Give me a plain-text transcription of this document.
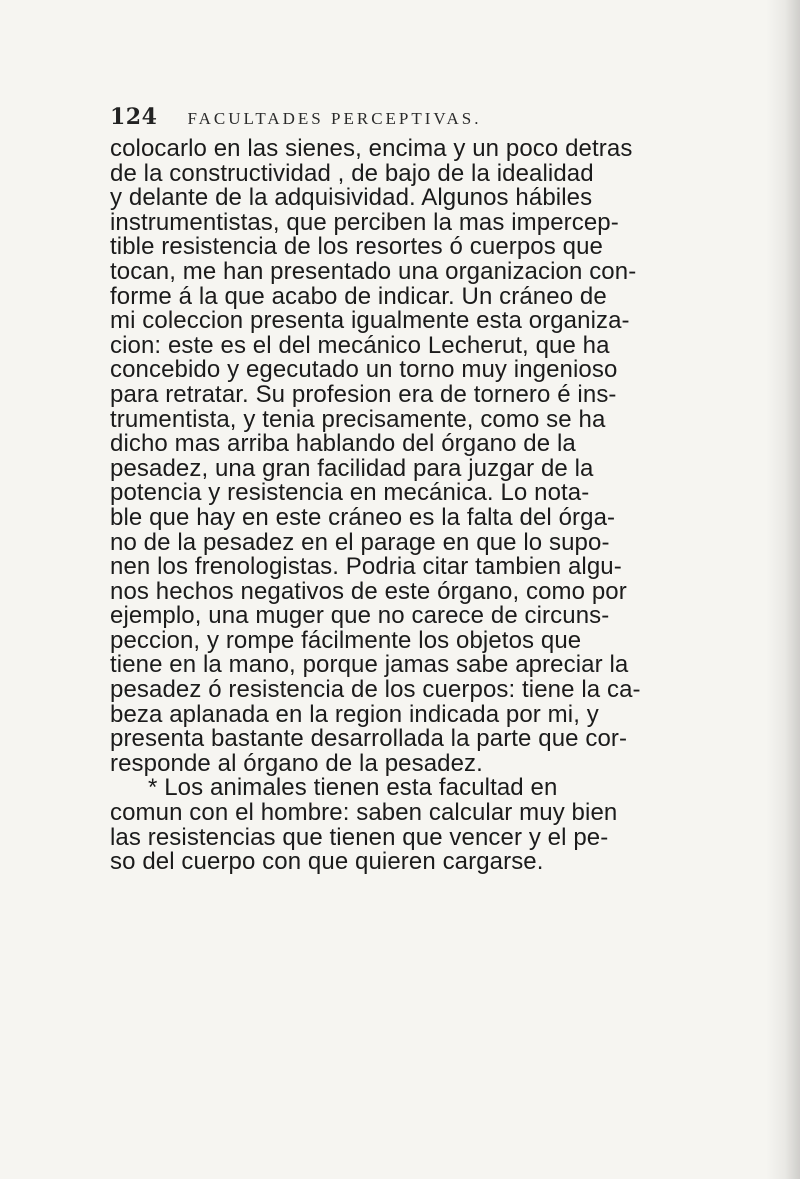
124 FACULTADES PERCEPTIVAS.
colocarlo en las sienes, encima y un poco detras
de la constructividad , de bajo de la idealidad
y delante de la adquisividad. Algunos hábiles
instrumentistas, que perciben la mas impercep-
tible resistencia de los resortes ó cuerpos que
tocan, me han presentado una organizacion con-
forme á la que acabo de indicar. Un cráneo de
mi coleccion presenta igualmente esta organiza-
cion: este es el del mecánico Lecherut, que ha
concebido y egecutado un torno muy ingenioso
para retratar. Su profesion era de tornero é ins-
trumentista, y tenia precisamente, como se ha
dicho mas arriba hablando del órgano de la
pesadez, una gran facilidad para juzgar de la
potencia y resistencia en mecánica. Lo nota-
ble que hay en este cráneo es la falta del órga-
no de la pesadez en el parage en que lo supo-
nen los frenologistas. Podria citar tambien algu-
nos hechos negativos de este órgano, como por
ejemplo, una muger que no carece de circuns-
peccion, y rompe fácilmente los objetos que
tiene en la mano, porque jamas sabe apreciar la
pesadez ó resistencia de los cuerpos: tiene la ca-
beza aplanada en la region indicada por mi, y
presenta bastante desarrollada la parte que cor-
responde al órgano de la pesadez.
* Los animales tienen esta facultad en
comun con el hombre: saben calcular muy bien
las resistencias que tienen que vencer y el pe-
so del cuerpo con que quieren cargarse.
